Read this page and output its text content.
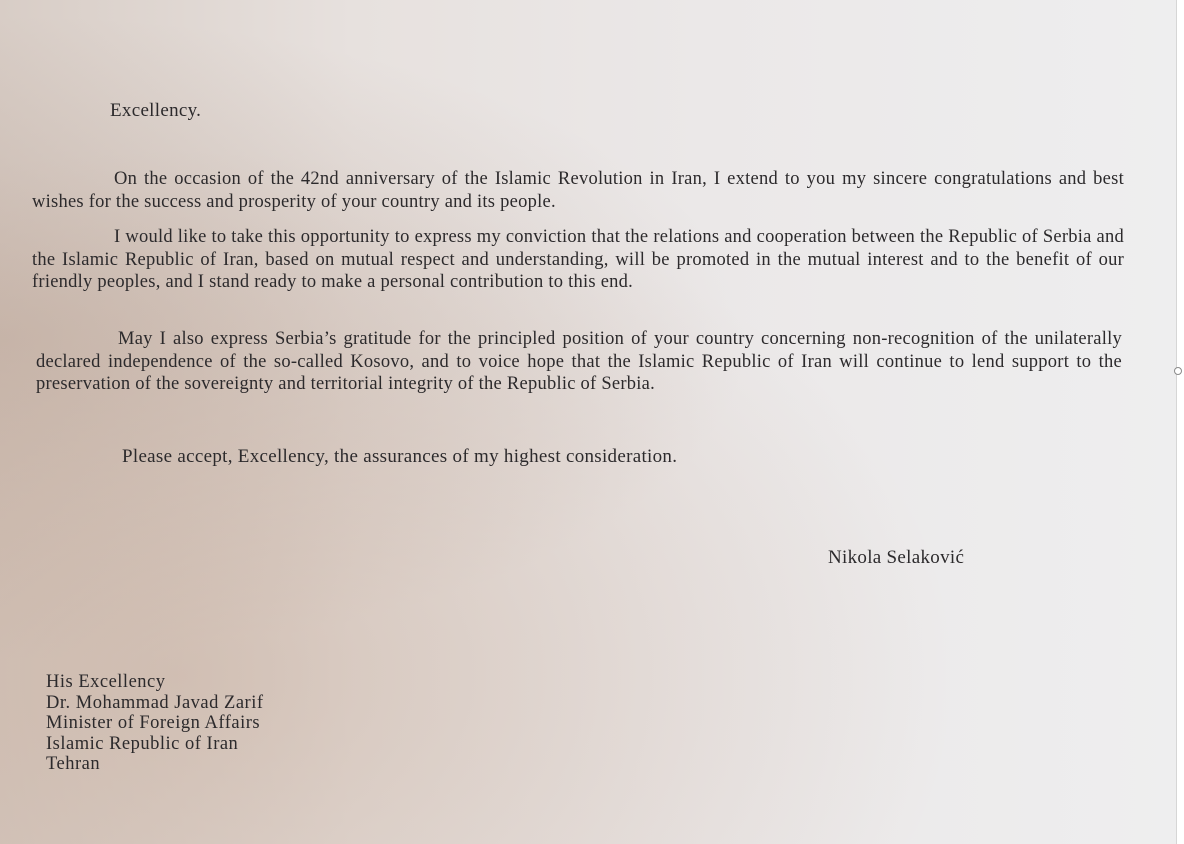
Excellency.

On the occasion of the 42nd anniversary of the Islamic Revolution in Iran, I extend to you my sincere congratulations and best wishes for the success and prosperity of your country and its people.

I would like to take this opportunity to express my conviction that the relations and cooperation between the Republic of Serbia and the Islamic Republic of Iran, based on mutual respect and understanding, will be promoted in the mutual interest and to the benefit of our friendly peoples, and I stand ready to make a personal contribution to this end.

May I also express Serbia’s gratitude for the principled position of your country concerning non-recognition of the unilaterally declared independence of the so-called Kosovo, and to voice hope that the Islamic Republic of Iran will continue to lend support to the preservation of the sovereignty and territorial integrity of the Republic of Serbia.

Please accept, Excellency, the assurances of my highest consideration.
Nikola Selaković
His Excellency
Dr. Mohammad Javad Zarif
Minister of Foreign Affairs
Islamic Republic of Iran
Tehran
